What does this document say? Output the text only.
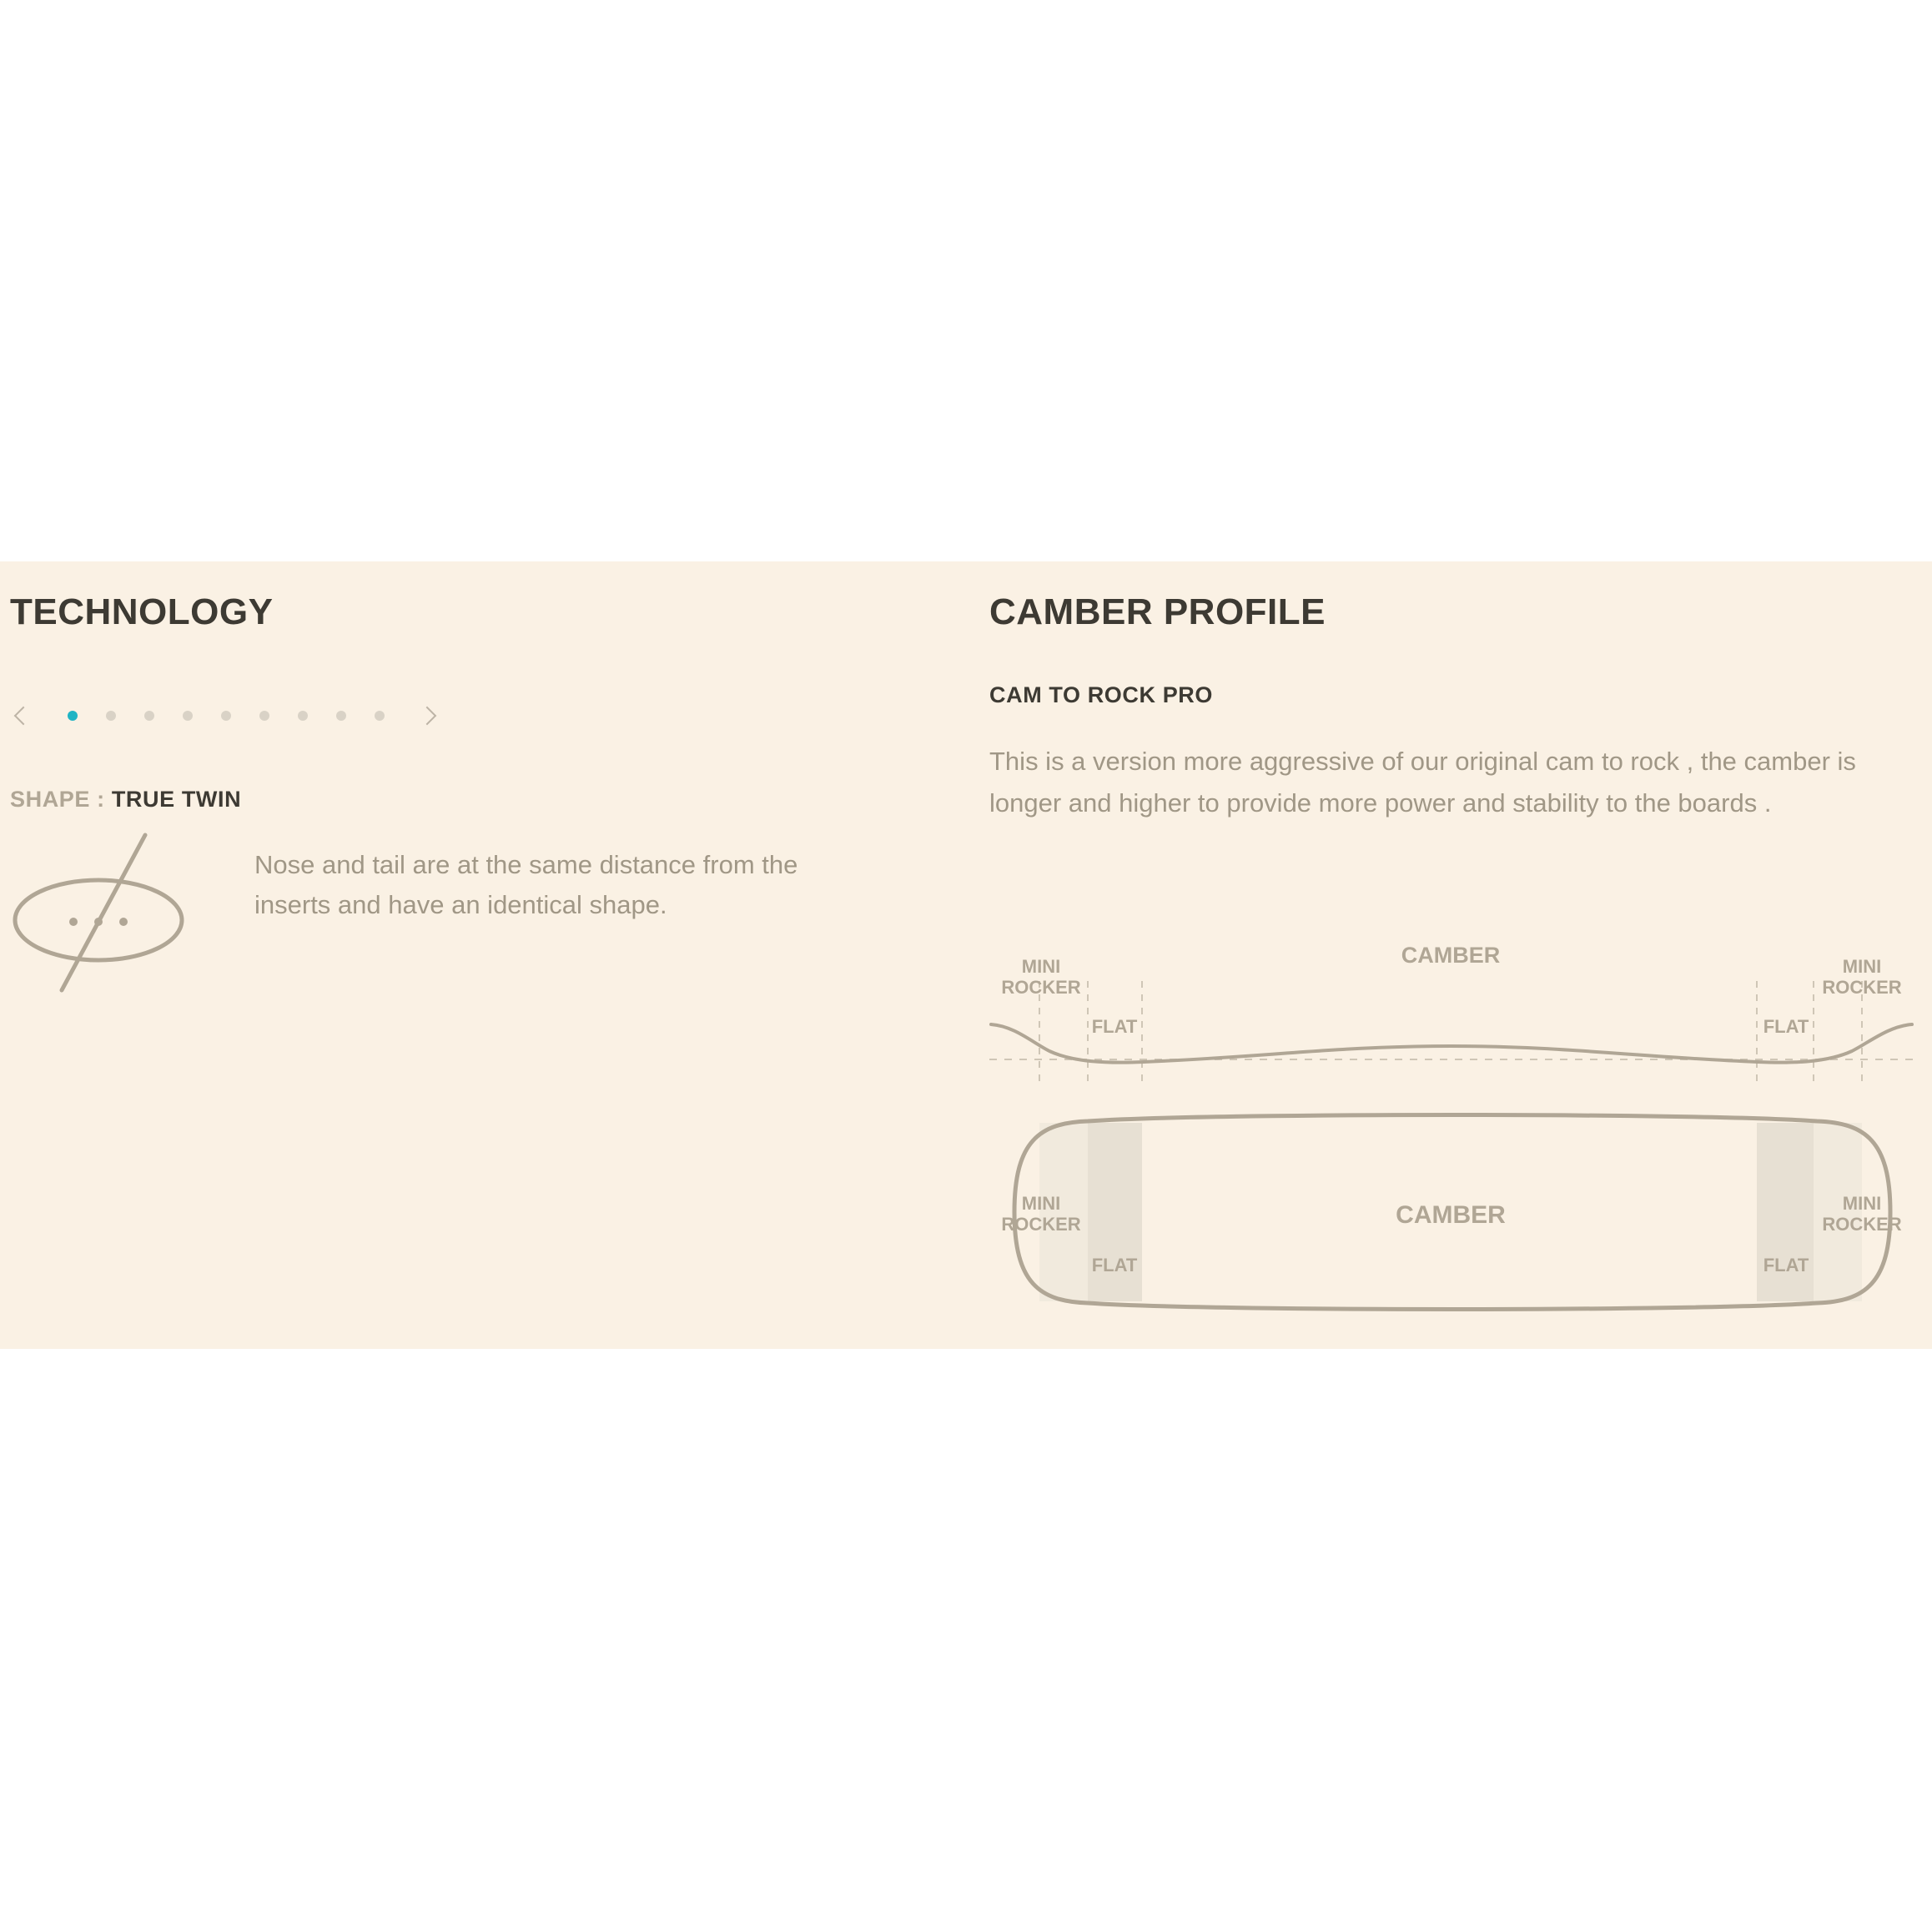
TECHNOLOGY
SHAPE : TRUE TWIN
Nose and tail are at the same distance from the inserts and have an identical shape.
CAMBER PROFILE
CAM TO ROCK PRO
This is a version more aggressive of our original cam to rock , the camber is longer and higher to provide more power and stability to the boards .
MINI
ROCKER
FLAT
CAMBER
FLAT
MINI
ROCKER
MINI
ROCKER
FLAT
CAMBER
FLAT
MINI
ROCKER
